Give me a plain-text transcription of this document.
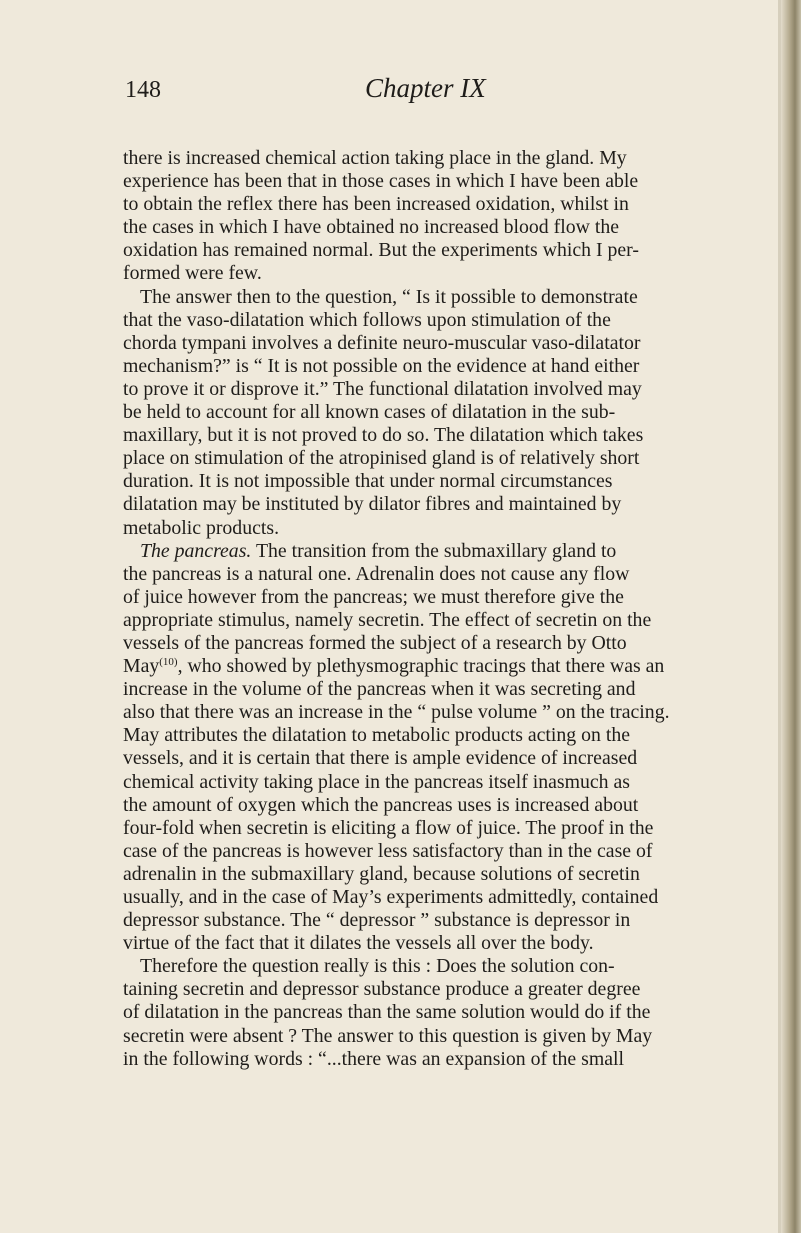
148	Chapter IX

there is increased chemical action taking place in the gland. My
experience has been that in those cases in which I have been able
to obtain the reflex there has been increased oxidation, whilst in
the cases in which I have obtained no increased blood flow the
oxidation has remained normal. But the experiments which I per-
formed were few.

The answer then to the question, “ Is it possible to demonstrate
that the vaso-dilatation which follows upon stimulation of the
chorda tympani involves a definite neuro-muscular vaso-dilatator
mechanism?” is “ It is not possible on the evidence at hand either
to prove it or disprove it.” The functional dilatation involved may
be held to account for all known cases of dilatation in the sub-
maxillary, but it is not proved to do so. The dilatation which takes
place on stimulation of the atropinised gland is of relatively short
duration. It is not impossible that under normal circumstances
dilatation may be instituted by dilator fibres and maintained by
metabolic products.

The pancreas. The transition from the submaxillary gland to
the pancreas is a natural one. Adrenalin does not cause any flow
of juice however from the pancreas; we must therefore give the
appropriate stimulus, namely secretin. The effect of secretin on the
vessels of the pancreas formed the subject of a research by Otto
May$^{(10)}$, who showed by plethysmographic tracings that there was an
increase in the volume of the pancreas when it was secreting and
also that there was an increase in the “ pulse volume ” on the tracing.
May attributes the dilatation to metabolic products acting on the
vessels, and it is certain that there is ample evidence of increased
chemical activity taking place in the pancreas itself inasmuch as
the amount of oxygen which the pancreas uses is increased about
four-fold when secretin is eliciting a flow of juice. The proof in the
case of the pancreas is however less satisfactory than in the case of
adrenalin in the submaxillary gland, because solutions of secretin
usually, and in the case of May’s experiments admittedly, contained
depressor substance. The “ depressor ” substance is depressor in
virtue of the fact that it dilates the vessels all over the body.

Therefore the question really is this : Does the solution con-
taining secretin and depressor substance produce a greater degree
of dilatation in the pancreas than the same solution would do if the
secretin were absent ? The answer to this question is given by May
in the following words : “...there was an expansion of the small
